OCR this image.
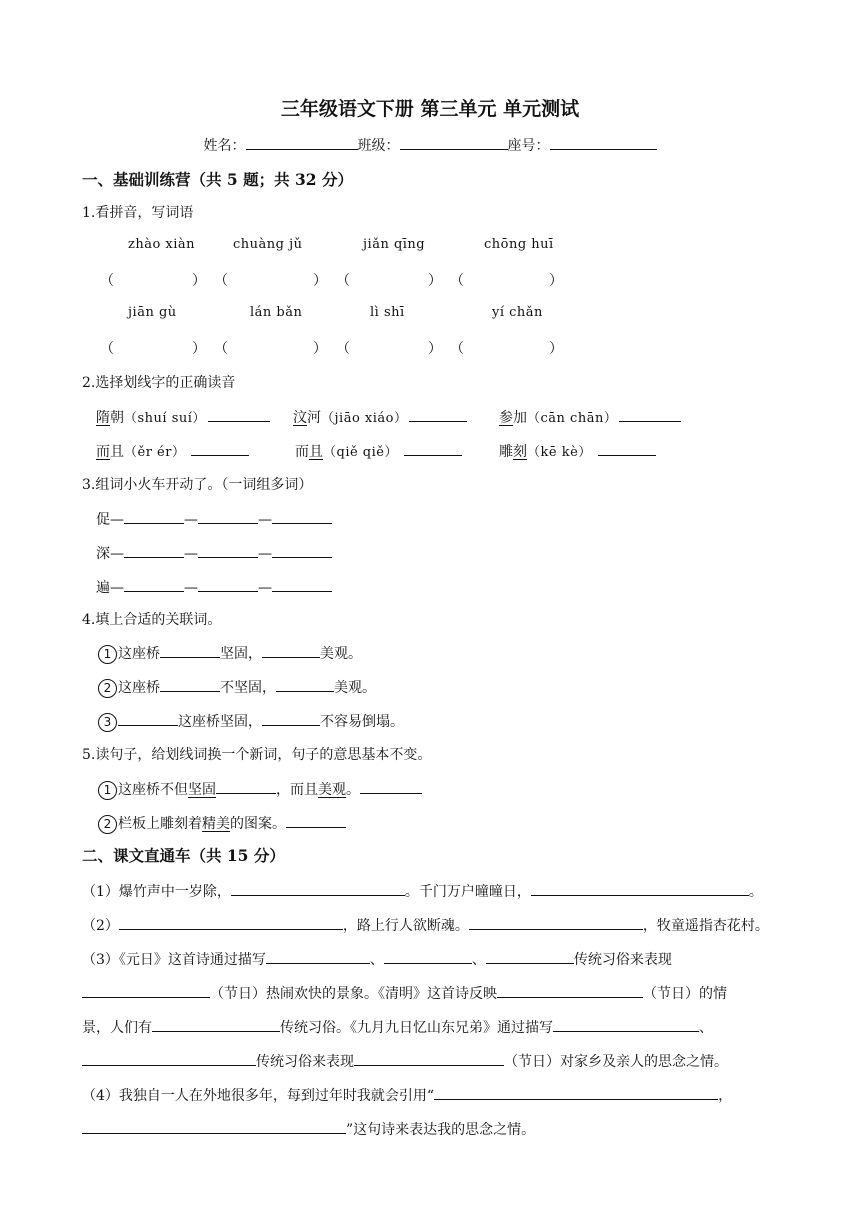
三年级语文下册 第三单元 单元测试
姓名：	班级：	座号：
一、基础训练营（共 5 题；共 32 分）
1.看拼音，写词语
zhào xiàn	chuàng jǔ	jiǎn qīng	chōng huī
（	） （	） （	） （	）
jiān gù	lán bǎn	lì shī	yí chǎn
（	） （	） （	） （	）
2.选择划线字的正确读音
隋朝（shuí suí）	汶河（jiāo xiáo）	参加（cān chān）
而且（ěr ér）	而且（qiě qiě）	雕刻（kē kè）
3.组词小火车开动了。（一词组多词）
促—	—	—
深—	—	—
遍—	—	—
4.填上合适的关联词。
1 这座桥	坚固，	美观。
2 这座桥	不坚固，	美观。
3	这座桥坚固，	不容易倒塌。
5.读句子，给划线词换一个新词，句子的意思基本不变。
1 这座桥不但坚固	，而且美观。
2 栏板上雕刻着精美的图案。
二、课文直通车（共 15 分）
（1）爆竹声中一岁除，	。千门万户曈曈日，	。
（2）	，路上行人欲断魂。	，牧童遥指杏花村。
（3）《元日》这首诗通过描写	、	、	传统习俗来表现
（节日）热闹欢快的景象。《清明》这首诗反映	（节日）的情
景，人们有	传统习俗。《九月九日忆山东兄弟》通过描写	、
传统习俗来表现	（节日）对家乡及亲人的思念之情。
（4）我独自一人在外地很多年，每到过年时我就会引用“	，
”这句诗来表达我的思念之情。
